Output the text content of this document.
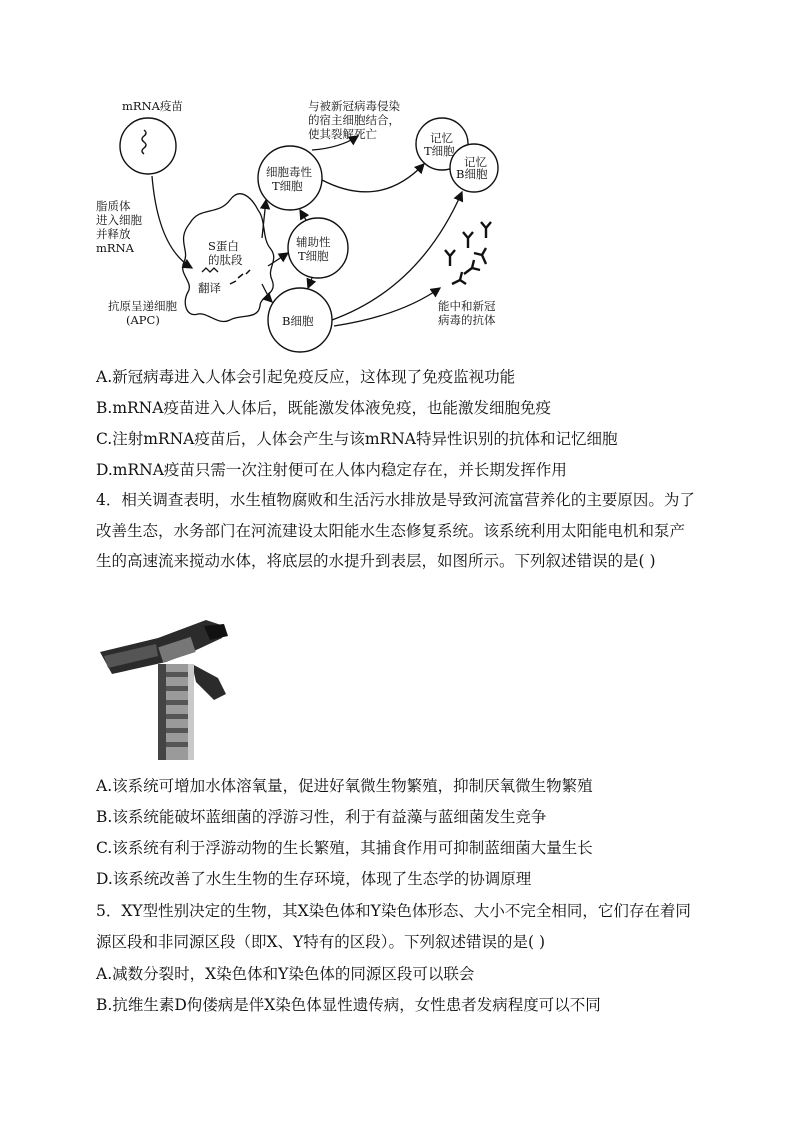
mRNA疫苗
脂质体
进入细胞
并释放
mRNA	S蛋白
的肽段
翻译
抗原呈递细胞
(APC)
细胞毒性
T细胞
与被新冠病毒侵染
的宿主细胞结合，
使其裂解死亡
辅助性
T细胞
B细胞
记忆
T细胞
记忆
B细胞
能中和新冠
病毒的抗体
A.新冠病毒进入人体会引起免疫反应，这体现了免疫监视功能
B.mRNA疫苗进入人体后，既能激发体液免疫，也能激发细胞免疫
C.注射mRNA疫苗后，人体会产生与该mRNA特异性识别的抗体和记忆细胞
D.mRNA疫苗只需一次注射便可在人体内稳定存在，并长期发挥作用
4．相关调查表明，水生植物腐败和生活污水排放是导致河流富营养化的主要原因。为了改善生态，水务部门在河流建设太阳能水生态修复系统。该系统利用太阳能电机和泵产生的高速流来搅动水体，将底层的水提升到表层，如图所示。下列叙述错误的是( )
A.该系统可增加水体溶氧量，促进好氧微生物繁殖，抑制厌氧微生物繁殖
B.该系统能破坏蓝细菌的浮游习性，利于有益藻与蓝细菌发生竞争
C.该系统有利于浮游动物的生长繁殖，其捕食作用可抑制蓝细菌大量生长
D.该系统改善了水生生物的生存环境，体现了生态学的协调原理
5．XY型性别决定的生物，其X染色体和Y染色体形态、大小不完全相同，它们存在着同源区段和非同源区段（即X、Y特有的区段）。下列叙述错误的是( )
A.减数分裂时，X染色体和Y染色体的同源区段可以联会
B.抗维生素D佝偻病是伴X染色体显性遗传病，女性患者发病程度可以不同
